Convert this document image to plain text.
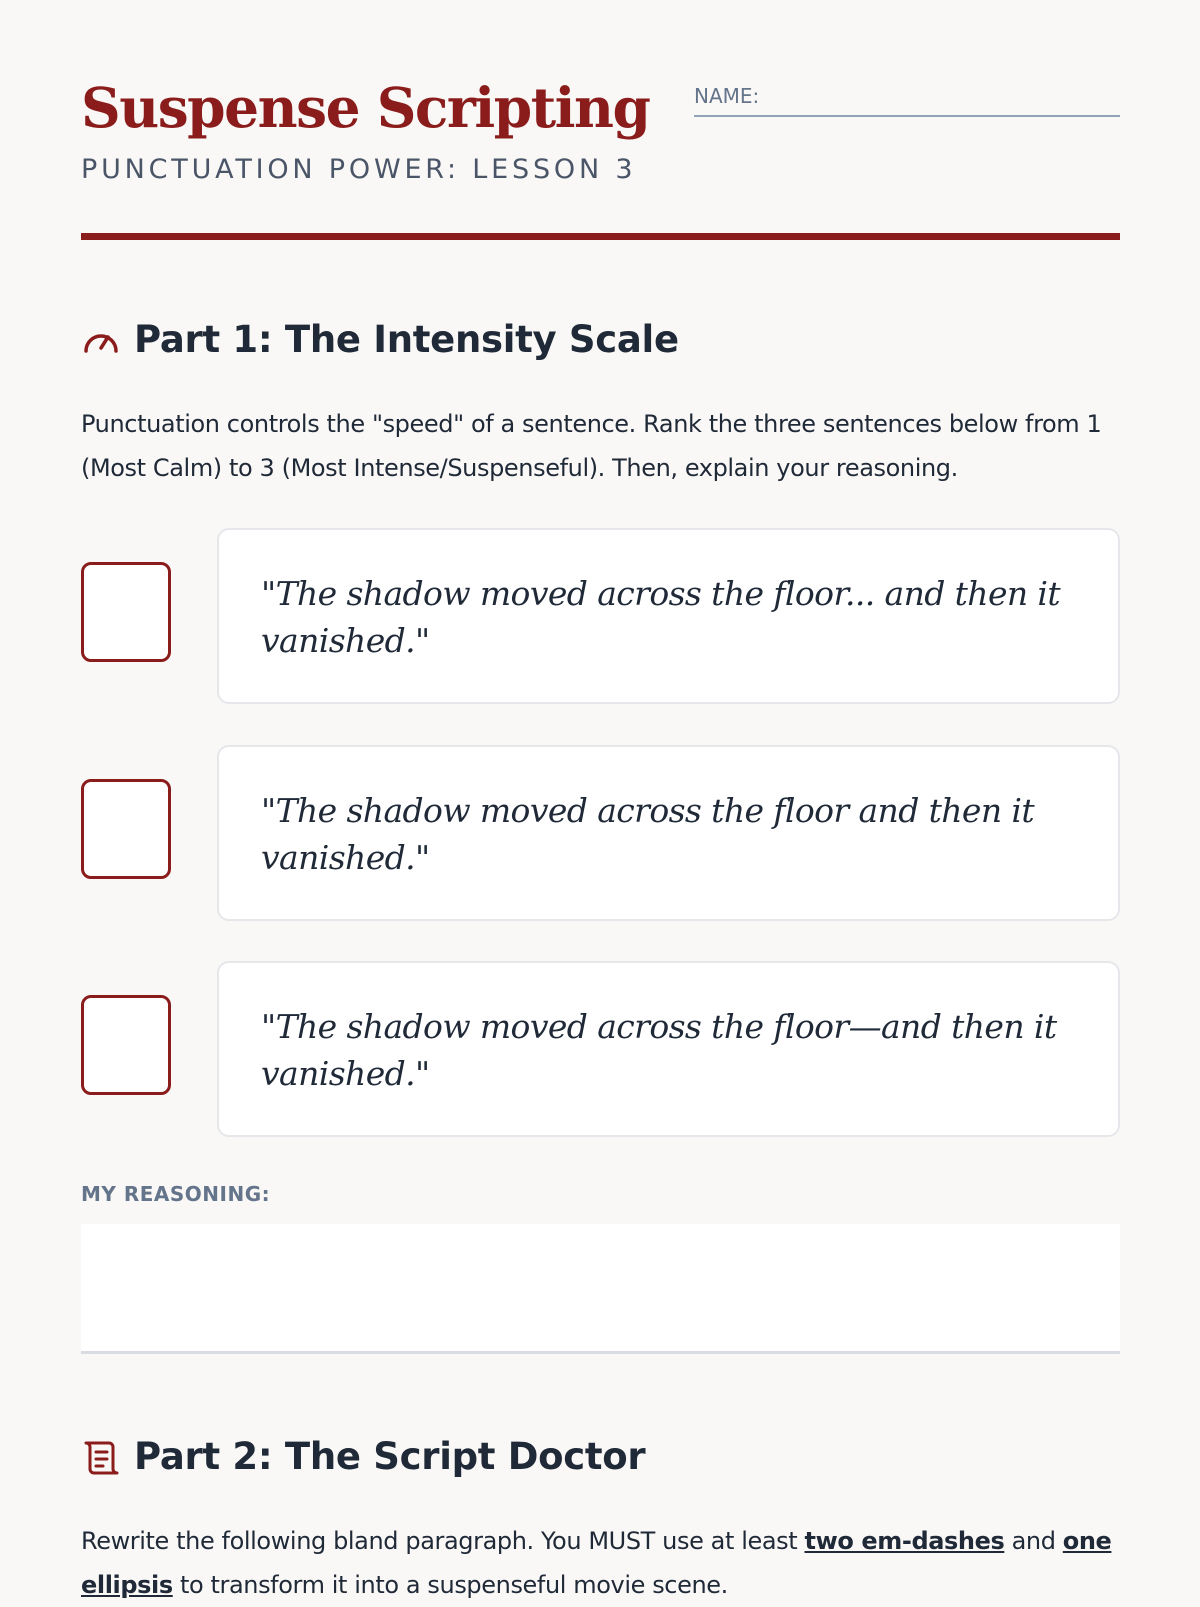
Suspense Scripting
PUNCTUATION POWER: LESSON 3
NAME:
Part 1: The Intensity Scale

Punctuation controls the "speed" of a sentence. Rank the three sentences below from 1 (Most Calm) to 3 (Most Intense/Suspenseful). Then, explain your reasoning.

"The shadow moved across the floor... and then it vanished."
"The shadow moved across the floor and then it vanished."
"The shadow moved across the floor—and then it vanished."
MY REASONING:
Part 2: The Script Doctor

Rewrite the following bland paragraph. You MUST use at least two em-dashes and one ellipsis to transform it into a suspenseful movie scene.
